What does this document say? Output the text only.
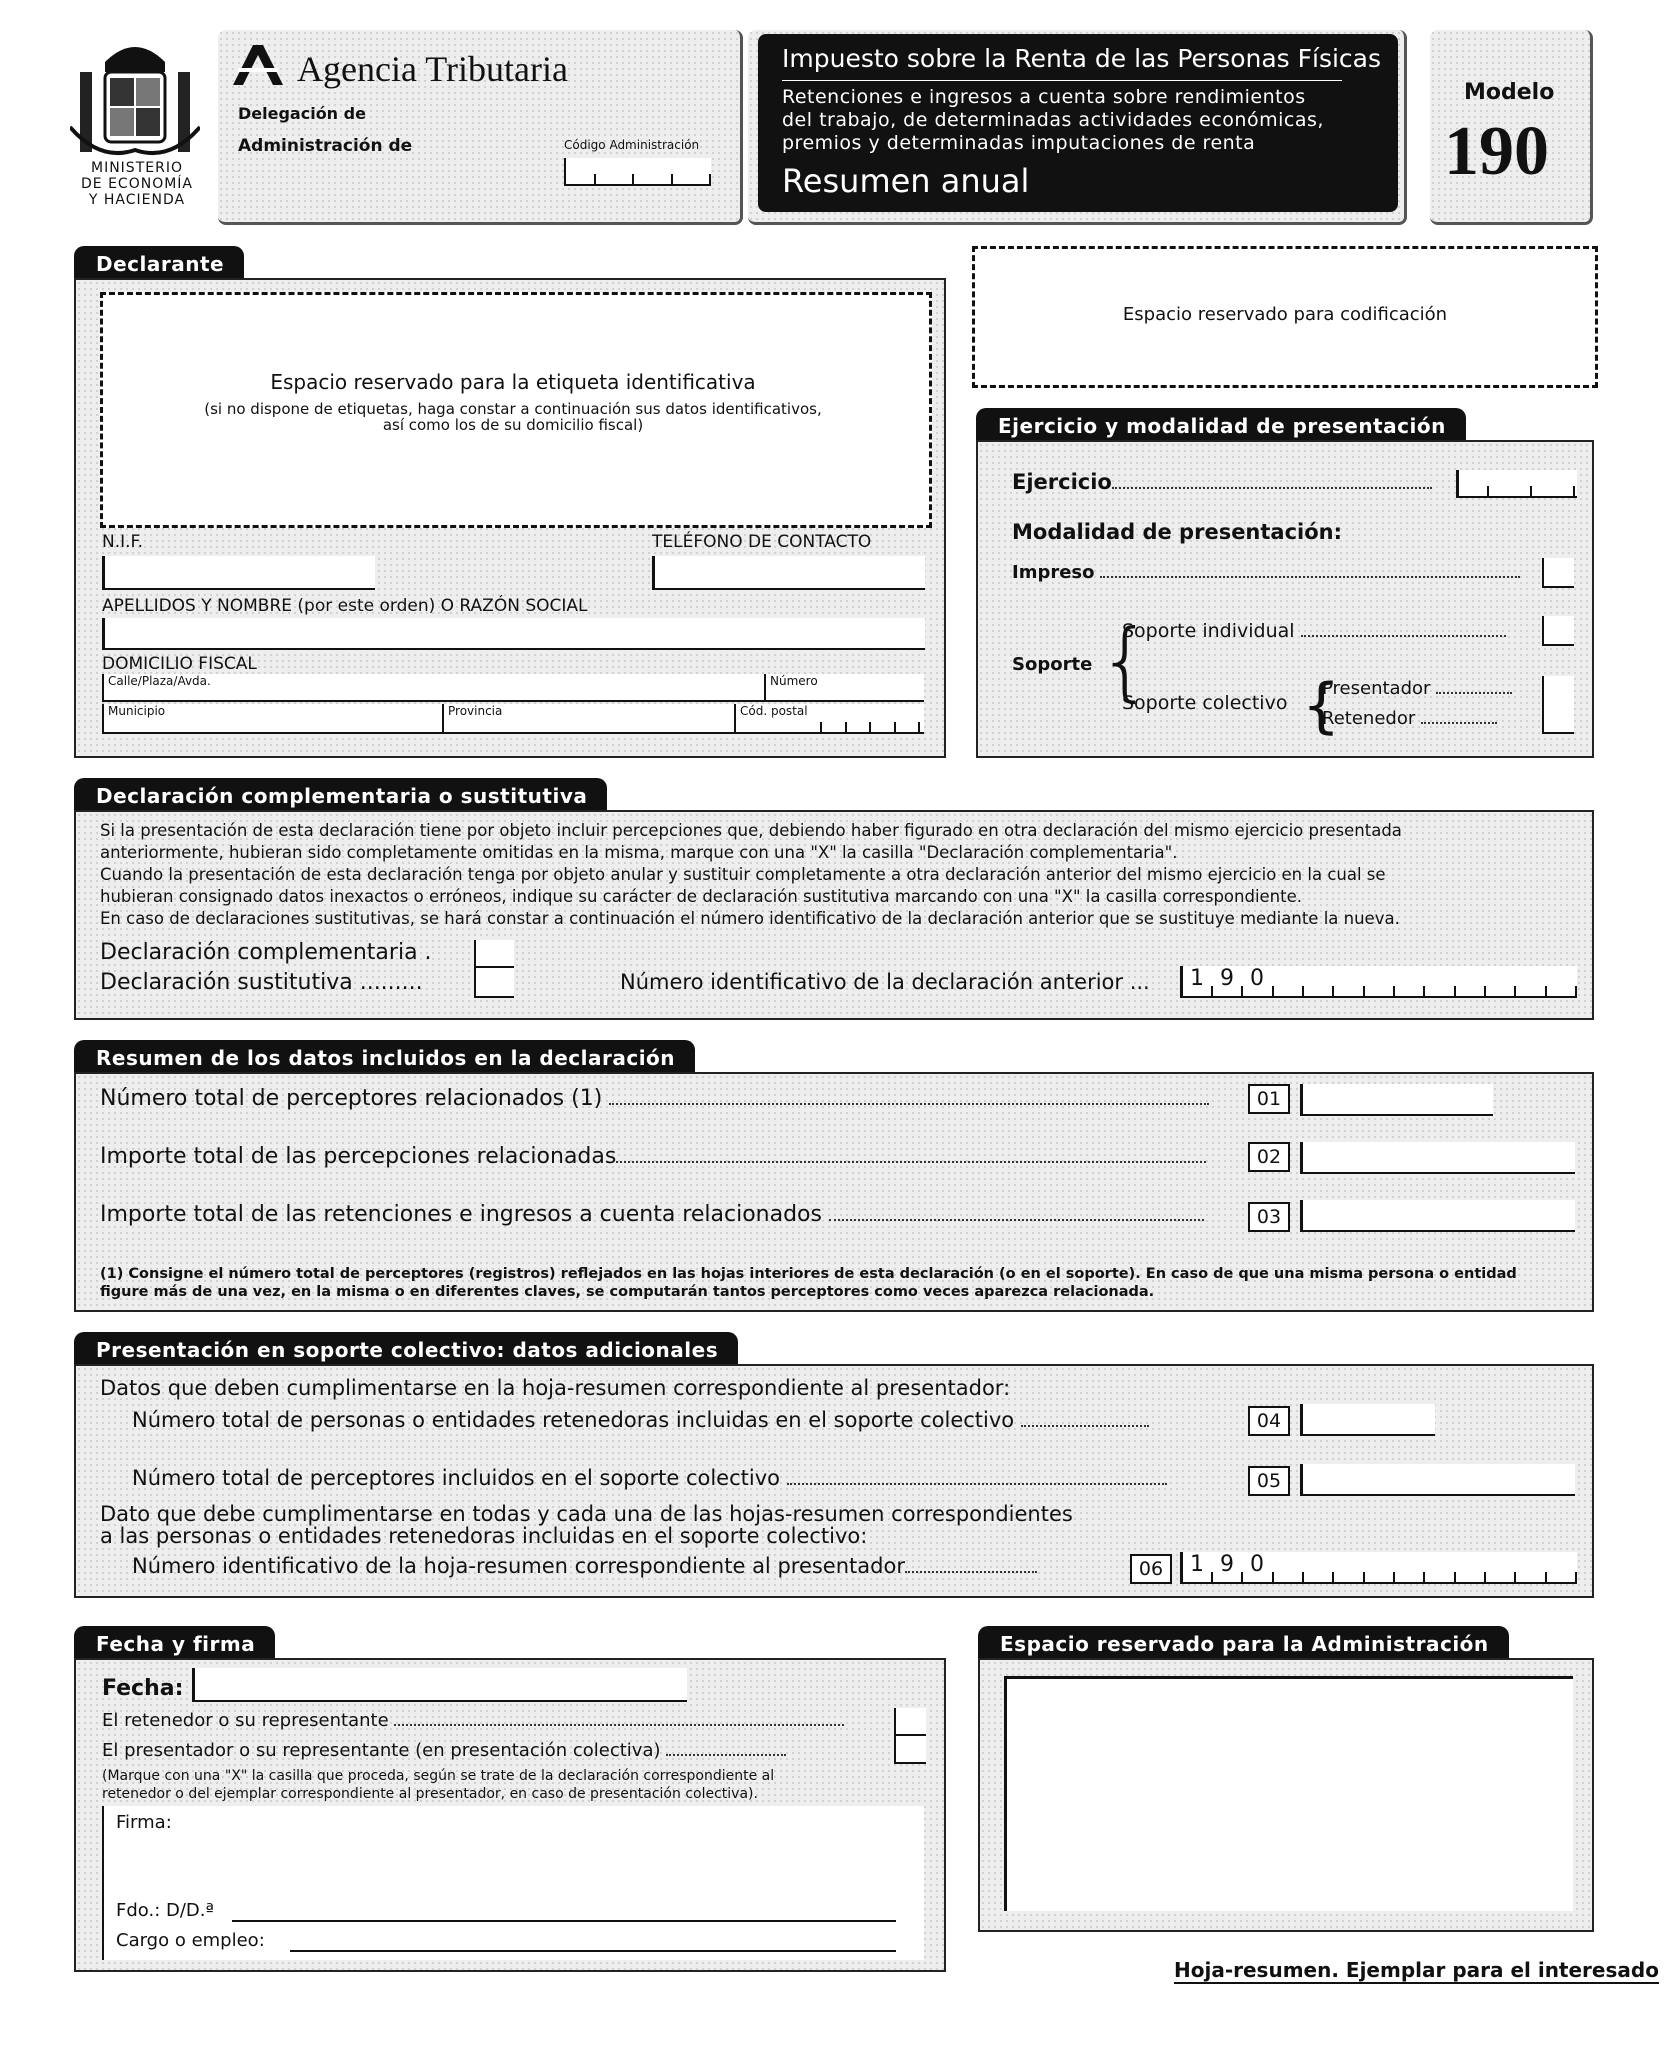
MINISTERIO
DE ECONOMÍA
Y HACIENDA
Agencia Tributaria
Delegación de
Administración de	Código Administración
Impuesto sobre la Renta de las Personas Físicas
Retenciones e ingresos a cuenta sobre rendimientos
del trabajo, de determinadas actividades económicas,
premios y determinadas imputaciones de renta
Resumen anual
Modelo
190
Declarante
Espacio reservado para la etiqueta identificativa
(si no dispone de etiquetas, haga constar a continuación sus datos identificativos,
así como los de su domicilio fiscal)
N.I.F.	TELÉFONO DE CONTACTO
APELLIDOS Y NOMBRE (por este orden) O RAZÓN SOCIAL
DOMICILIO FISCAL
Calle/Plaza/Avda.	Número
Municipio	Provincia	Cód. postal
Espacio reservado para codificación
Ejercicio y modalidad de presentación
Ejercicio
Modalidad de presentación:
Impreso
Soporte {
Soporte individual
Soporte colectivo {
Presentador
Retenedor
Declaración complementaria o sustitutiva
Si la presentación de esta declaración tiene por objeto incluir percepciones que, debiendo haber figurado en otra declaración del mismo ejercicio presentada
anteriormente, hubieran sido completamente omitidas en la misma, marque con una "X" la casilla "Declaración complementaria".
Cuando la presentación de esta declaración tenga por objeto anular y sustituir completamente a otra declaración anterior del mismo ejercicio en la cual se
hubieran consignado datos inexactos o erróneos, indique su carácter de declaración sustitutiva marcando con una "X" la casilla correspondiente.
En caso de declaraciones sustitutivas, se hará constar a continuación el número identificativo de la declaración anterior que se sustituye mediante la nueva.
Declaración complementaria .
Declaración sustitutiva .........	Número identificativo de la declaración anterior ... 1 9 0
Resumen de los datos incluidos en la declaración
Número total de perceptores relacionados (1)	01
Importe total de las percepciones relacionadas	02
Importe total de las retenciones e ingresos a cuenta relacionados	03
(1) Consigne el número total de perceptores (registros) reflejados en las hojas interiores de esta declaración (o en el soporte). En caso de que una misma persona o entidad
figure más de una vez, en la misma o en diferentes claves, se computarán tantos perceptores como veces aparezca relacionada.
Presentación en soporte colectivo: datos adicionales
Datos que deben cumplimentarse en la hoja-resumen correspondiente al presentador:
Número total de personas o entidades retenedoras incluidas en el soporte colectivo	04
Número total de perceptores incluidos en el soporte colectivo	05
Dato que debe cumplimentarse en todas y cada una de las hojas-resumen correspondientes
a las personas o entidades retenedoras incluidas en el soporte colectivo:
Número identificativo de la hoja-resumen correspondiente al presentador	06	1 9 0
Fecha y firma
Fecha:
El retenedor o su representante
El presentador o su representante (en presentación colectiva)
(Marque con una "X" la casilla que proceda, según se trate de la declaración correspondiente al
retenedor o del ejemplar correspondiente al presentador, en caso de presentación colectiva).
Firma:
Fdo.: D/D.ª
Cargo o empleo:
Espacio reservado para la Administración
Hoja-resumen. Ejemplar para el interesado
